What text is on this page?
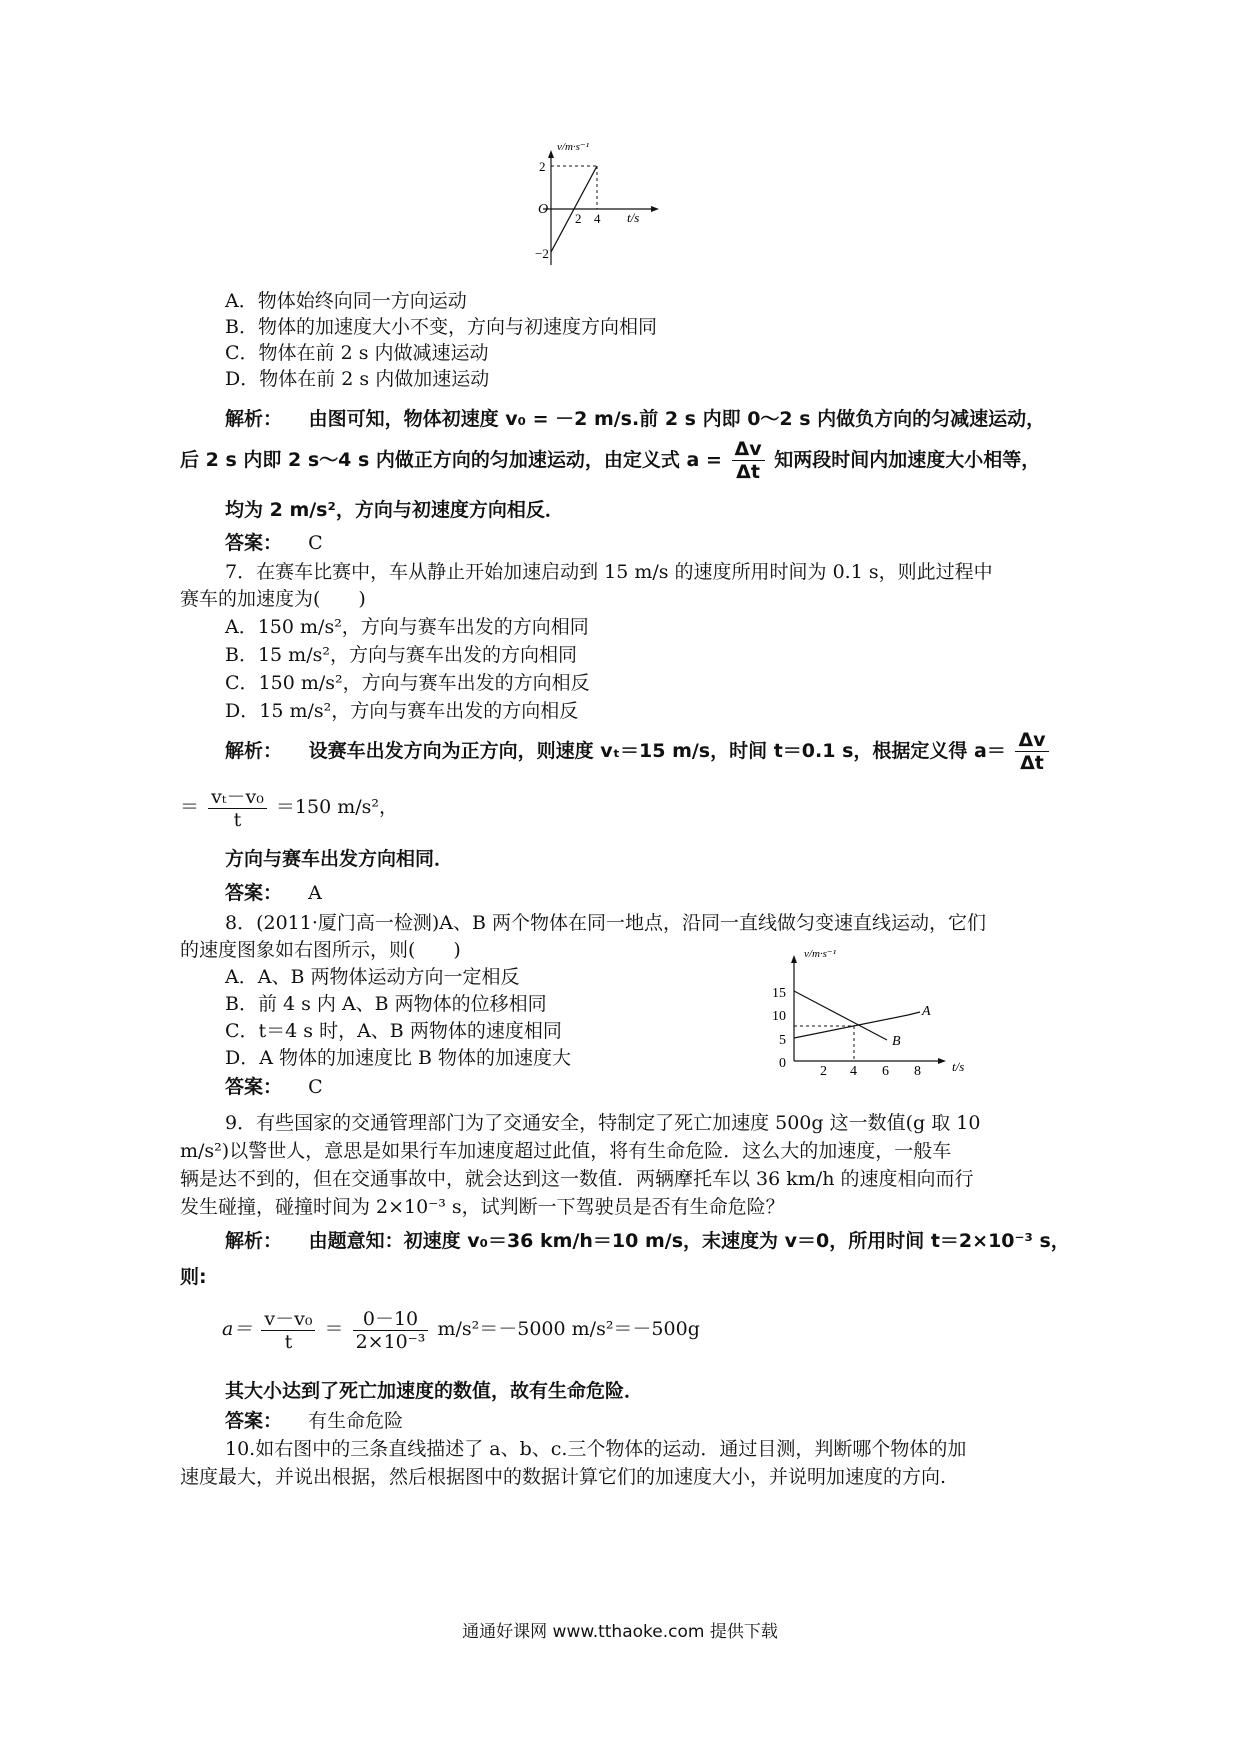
v/m·s⁻¹
t/s
O
2
−2
2 4
A．物体始终向同一方向运动
B．物体的加速度大小不变，方向与初速度方向相同
C．物体在前 2 s 内做减速运动
D．物体在前 2 s 内做加速运动
解析： 由图可知，物体初速度 v₀ = －2 m/s.前 2 s 内即 0～2 s 内做负方向的匀减速运动，
后 2 s 内即 2 s～4 s 内做正方向的匀加速运动，由定义式 $a = \frac{\Delta v}{\Delta t}$ 知两段时间内加速度大小相等，
均为 2 m/s²，方向与初速度方向相反．
答案： C
7．在赛车比赛中，车从静止开始加速启动到 15 m/s 的速度所用时间为 0.1 s，则此过程中
赛车的加速度为(　　)
A．150 m/s²，方向与赛车出发的方向相同
B．15 m/s²，方向与赛车出发的方向相同
C．150 m/s²，方向与赛车出发的方向相反
D．15 m/s²，方向与赛车出发的方向相反
解析： 设赛车出发方向为正方向，则速度 vₜ＝15 m/s，时间 t＝0.1 s，根据定义得 $a= \frac{\Delta v}{\Delta t}$
＝ $\frac{\text{vₜ－v₀}}{t} =150$ m/s²，
方向与赛车出发方向相同．
答案： A
8．(2011·厦门高一检测)A、B 两个物体在同一地点，沿同一直线做匀变速直线运动，它们
的速度图象如右图所示，则(　　)
A．A、B 两物体运动方向一定相反
B．前 4 s 内 A、B 两物体的位移相同
C．t＝4 s 时，A、B 两物体的速度相同
D．A 物体的加速度比 B 物体的加速度大
答案： C
v/m·s⁻¹
t/s
15
10
5
0
2 4 6 8
A
B
9．有些国家的交通管理部门为了交通安全，特制定了死亡加速度 500g 这一数值(g 取 10
m/s²)以警世人，意思是如果行车加速度超过此值，将有生命危险．这么大的加速度，一般车
辆是达不到的，但在交通事故中，就会达到这一数值．两辆摩托车以 36 km/h 的速度相向而行
发生碰撞，碰撞时间为 2×10⁻³ s，试判断一下驾驶员是否有生命危险？
解析： 由题意知：初速度 v₀＝36 km/h＝10 m/s，末速度为 v＝0，所用时间 t＝2×10⁻³ s，
则:
$a= \frac{\text{v－v₀}}{t} = \frac{0-10}{\text{2×10⁻³}} m/s^2=-5000$ m/s²＝－500g
其大小达到了死亡加速度的数值，故有生命危险．
答案： 有生命危险
10.如右图中的三条直线描述了 a、b、c.三个物体的运动．通过目测，判断哪个物体的加
速度最大，并说出根据，然后根据图中的数据计算它们的加速度大小，并说明加速度的方向.
通通好课网 www.tthaoke.com 提供下载
